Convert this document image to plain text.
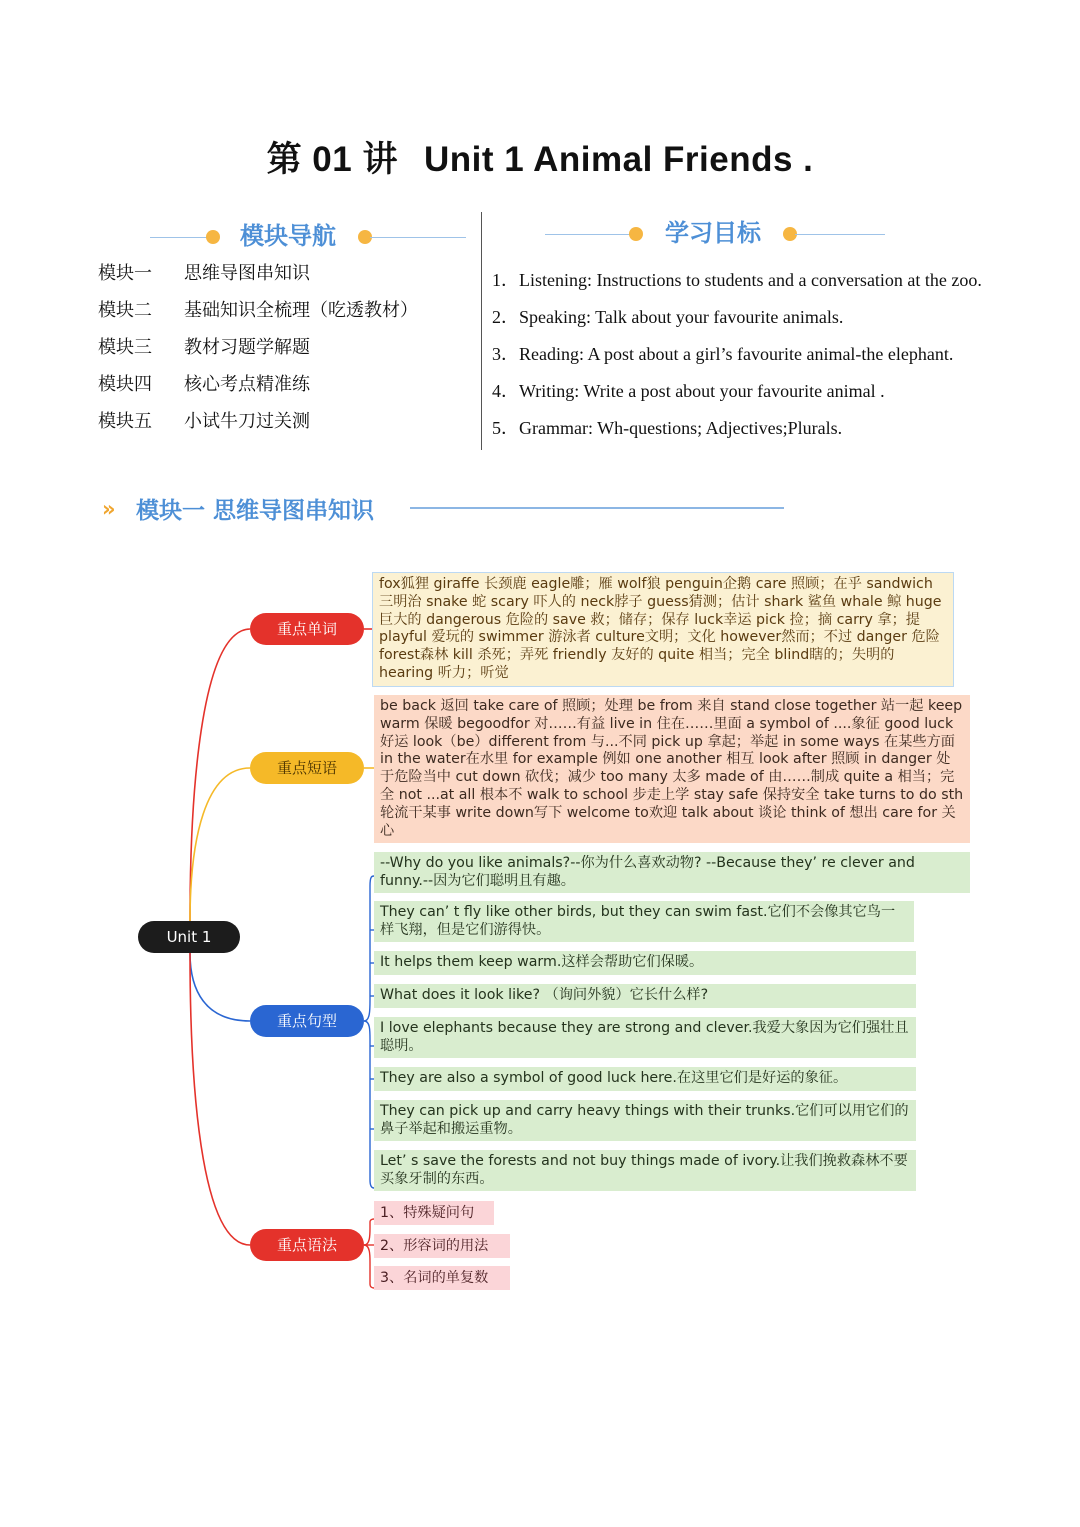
第 01 讲 Unit 1 Animal Friends .
模块导航
模块一 思维导图串知识
模块二 基础知识全梳理（吃透教材）
模块三 教材习题学解题
模块四 核心考点精准练
模块五 小试牛刀过关测
学习目标
1．Listening: Instructions to students and a conversation at the zoo.
2．Speaking: Talk about your favourite animals.
3．Reading: A post about a girl’s favourite animal-the elephant.
4．Writing: Write a post about your favourite animal .
5．Grammar: Wh-questions; Adjectives;Plurals.
» 模块一 思维导图串知识
Unit 1
重点单词
重点短语
重点句型
重点语法
fox狐狸 giraffe 长颈鹿 eagle雕；雁 wolf狼 penguin企鹅 care 照顾；在乎 sandwich三明治 snake 蛇 scary 吓人的 neck脖子 guess猜测；估计 shark 鲨鱼 whale 鲸 huge巨大的 dangerous 危险的 save 救；储存；保存 luck幸运 pick 捡；摘 carry 拿；提 playful 爱玩的 swimmer 游泳者 culture文明；文化 however然而；不过 danger 危险 forest森林 kill 杀死；弄死 friendly 友好的 quite 相当；完全 blind瞎的；失明的 hearing 听力；听觉
be back 返回 take care of 照顾；处理 be from 来自 stand close together 站一起 keep warm 保暖 begoodfor 对……有益 live in 住在……里面 a symbol of ....象征 good luck好运 look（be）different from 与...不同 pick up 拿起；举起 in some ways 在某些方面 in the water在水里 for example 例如 one another 相互 look after 照顾 in danger 处于危险当中 cut down 砍伐；减少 too many 太多 made of 由……制成 quite a 相当；完全 not ...at all 根本不 walk to school 步走上学 stay safe 保持安全 take turns to do sth轮流干某事 write down写下 welcome to欢迎 talk about 谈论 think of 想出 care for 关心
--Why do you like animals?--你为什么喜欢动物? --Because they’ re clever and funny.--因为它们聪明且有趣。
They can’ t fly like other birds, but they can swim fast.它们不会像其它鸟一样飞翔，但是它们游得快。
It helps them keep warm.这样会帮助它们保暖。
What does it look like? （询问外貌）它长什么样?
I love elephants because they are strong and clever.我爱大象因为它们强壮且聪明。
They are also a symbol of good luck here.在这里它们是好运的象征。
They can pick up and carry heavy things with their trunks.它们可以用它们的鼻子举起和搬运重物。
Let’ s save the forests and not buy things made of ivory.让我们挽救森林不要买象牙制的东西。
1、特殊疑问句
2、形容词的用法
3、名词的单复数
